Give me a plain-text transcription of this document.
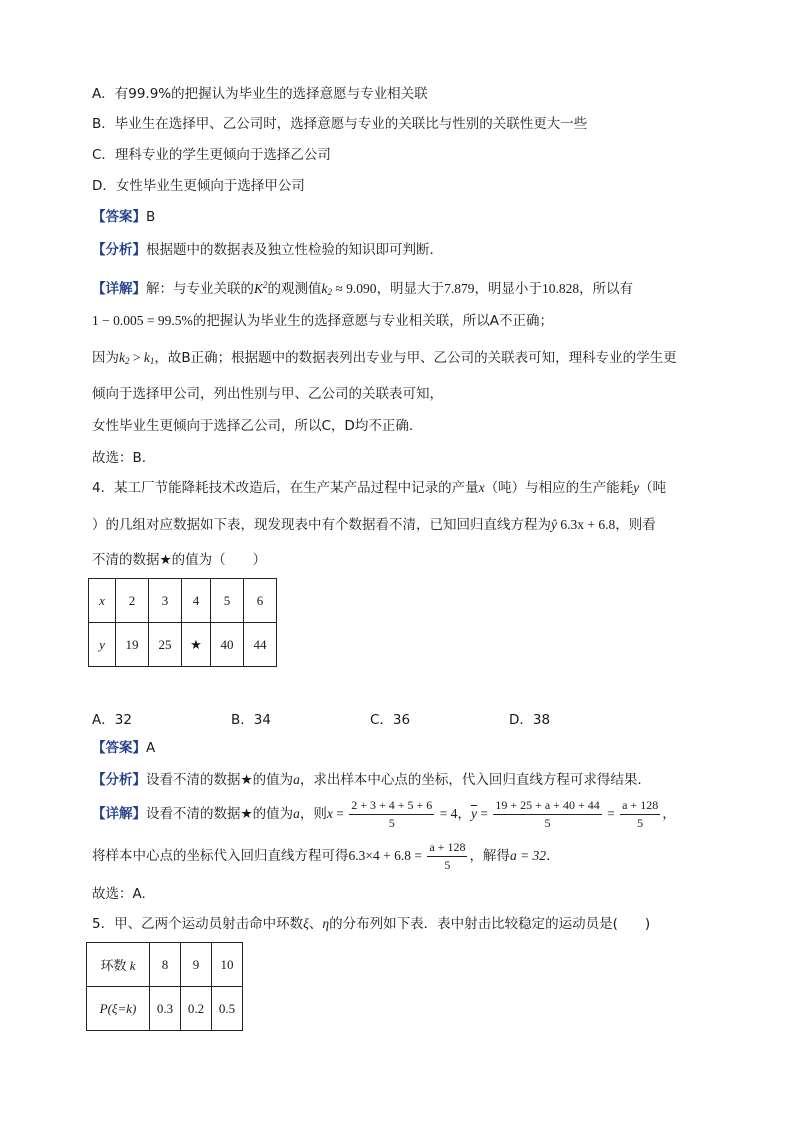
A．有99.9%的把握认为毕业生的选择意愿与专业相关联
B．毕业生在选择甲、乙公司时，选择意愿与专业的关联比与性别的关联性更大一些
C．理科专业的学生更倾向于选择乙公司
D．女性毕业生更倾向于选择甲公司
【答案】B
【分析】根据题中的数据表及独立性检验的知识即可判断.
【详解】解：与专业关联的$K^2$的观测值$k_2 \approx 9.090$，明显大于7.879，明显小于10.828，所以有
1 − 0.005 = 99.5%的把握认为毕业生的选择意愿与专业相关联，所以A不正确；
因为$k_2 > k_1$，故B正确；根据题中的数据表列出专业与甲、乙公司的关联表可知，理科专业的学生更
倾向于选择甲公司，列出性别与甲、乙公司的关联表可知，
女性毕业生更倾向于选择乙公司，所以C，D均不正确.
故选：B.
4．某工厂节能降耗技术改造后，在生产某产品过程中记录的产量x（吨）与相应的生产能耗y（吨
）的几组对应数据如下表，现发现表中有个数据看不清，已知回归直线方程为ŷ 6.3x + 6.8，则看
不清的数据★的值为（　　）
x	2	3	4	5	6
y	19	25	★	40	44
A．32	B．34	C．36	D．38
【答案】A
【分析】设看不清的数据★的值为a，求出样本中心点的坐标，代入回归直线方程可求得结果.
【详解】设看不清的数据★的值为a，则$x = \frac{2 + 3 + 4 + 5 + 6}{5} = 4$，$\overline{y} = \frac{19 + 25 + a + 40 + 44}{5} = \frac{a + 128}{5}$ ，
将样本中心点的坐标代入回归直线方程可得$6.3\times 4 + 6.8 = \frac{a + 128}{5}$ ，解得a = 32.
故选：A.
5．甲、乙两个运动员射击命中环数ξ、η的分布列如下表．表中射击比较稳定的运动员是(　　)
环数 k	8	9	10
P(ξ=k)	0.3	0.2	0.5
